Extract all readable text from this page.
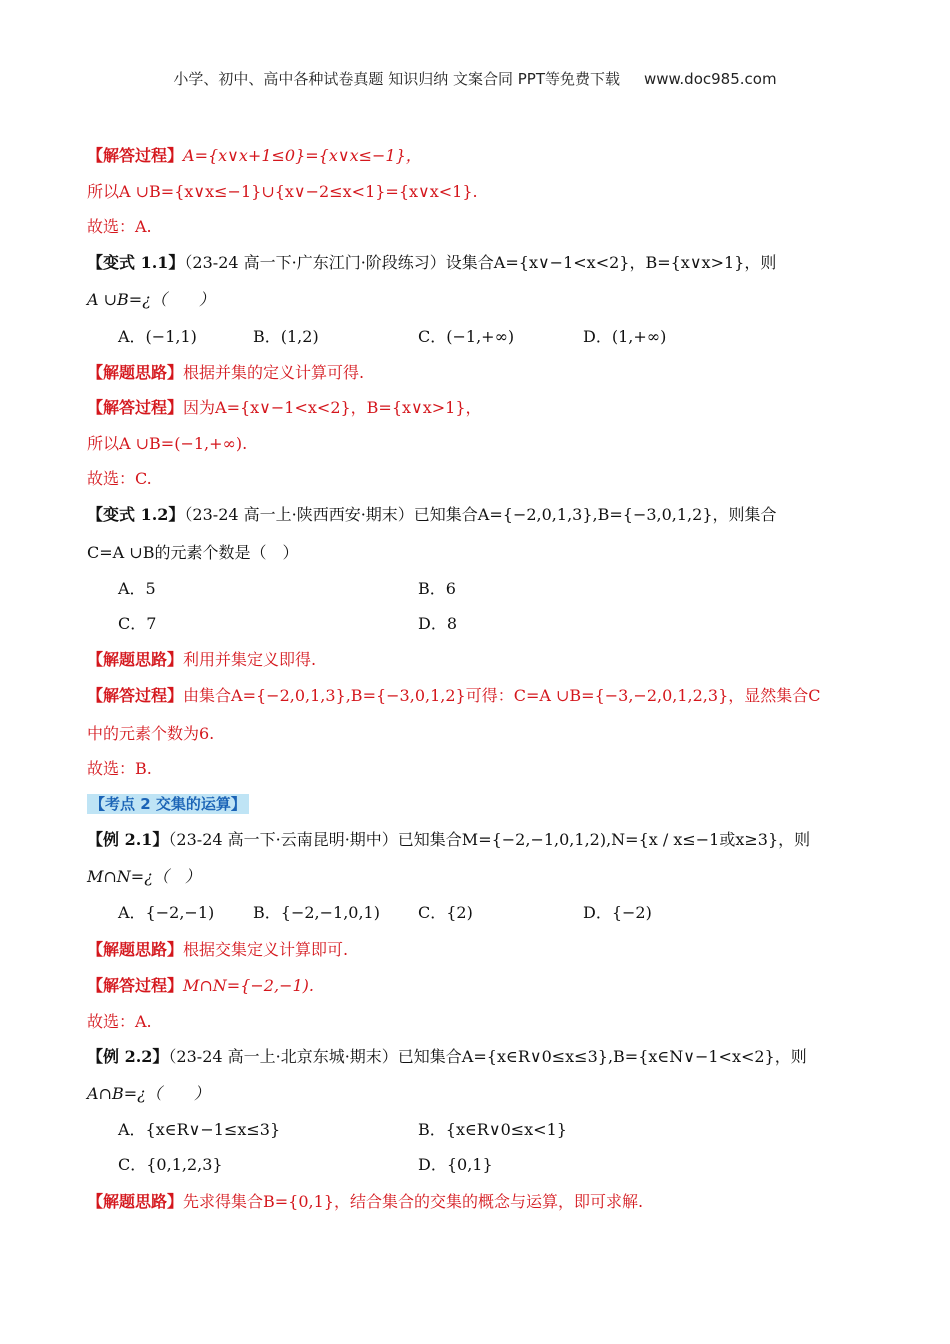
小学、初中、高中各种试卷真题 知识归纳 文案合同 PPT等免费下载 www.doc985.com
【解答过程】A={x∨x+1≤0}={x∨x≤−1}，
所以A ∪B={x∨x≤−1}∪{x∨−2≤x<1}={x∨x<1}.
故选：A.
【变式 1.1】（23-24 高一下·广东江门·阶段练习）设集合A={x∨−1<x<2}，B={x∨x>1}，则
A ∪B=¿（　　）
A．(−1,1)	B．(1,2)	C．(−1,+∞)	D．(1,+∞)
【解题思路】根据并集的定义计算可得.
【解答过程】因为A={x∨−1<x<2}，B={x∨x>1}，
所以A ∪B=(−1,+∞).
故选：C.
【变式 1.2】（23-24 高一上·陕西西安·期末）已知集合A={−2,0,1,3},B={−3,0,1,2}，则集合
C=A ∪B的元素个数是（　）
A．5	B．6
C．7	D．8
【解题思路】利用并集定义即得.
【解答过程】由集合A={−2,0,1,3},B={−3,0,1,2}可得：C=A ∪B={−3,−2,0,1,2,3}，显然集合C
中的元素个数为6.
故选：B.
【考点 2 交集的运算】
【例 2.1】（23-24 高一下·云南昆明·期中）已知集合M={−2,−1,0,1,2),N={x / x≤−1或x≥3}，则
M∩N=¿（　）
A．{−2,−1) B．{−2,−1,0,1) C．{2)	D．{−2)
【解题思路】根据交集定义计算即可.
【解答过程】M∩N={−2,−1).
故选：A.
【例 2.2】（23-24 高一上·北京东城·期末）已知集合A={x∈R∨0≤x≤3},B={x∈N∨−1<x<2}，则
A∩B=¿（　　）
A．{x∈R∨−1≤x≤3}	B．{x∈R∨0≤x<1}
C．{0,1,2,3}	D．{0,1}
【解题思路】先求得集合B={0,1}，结合集合的交集的概念与运算，即可求解.
